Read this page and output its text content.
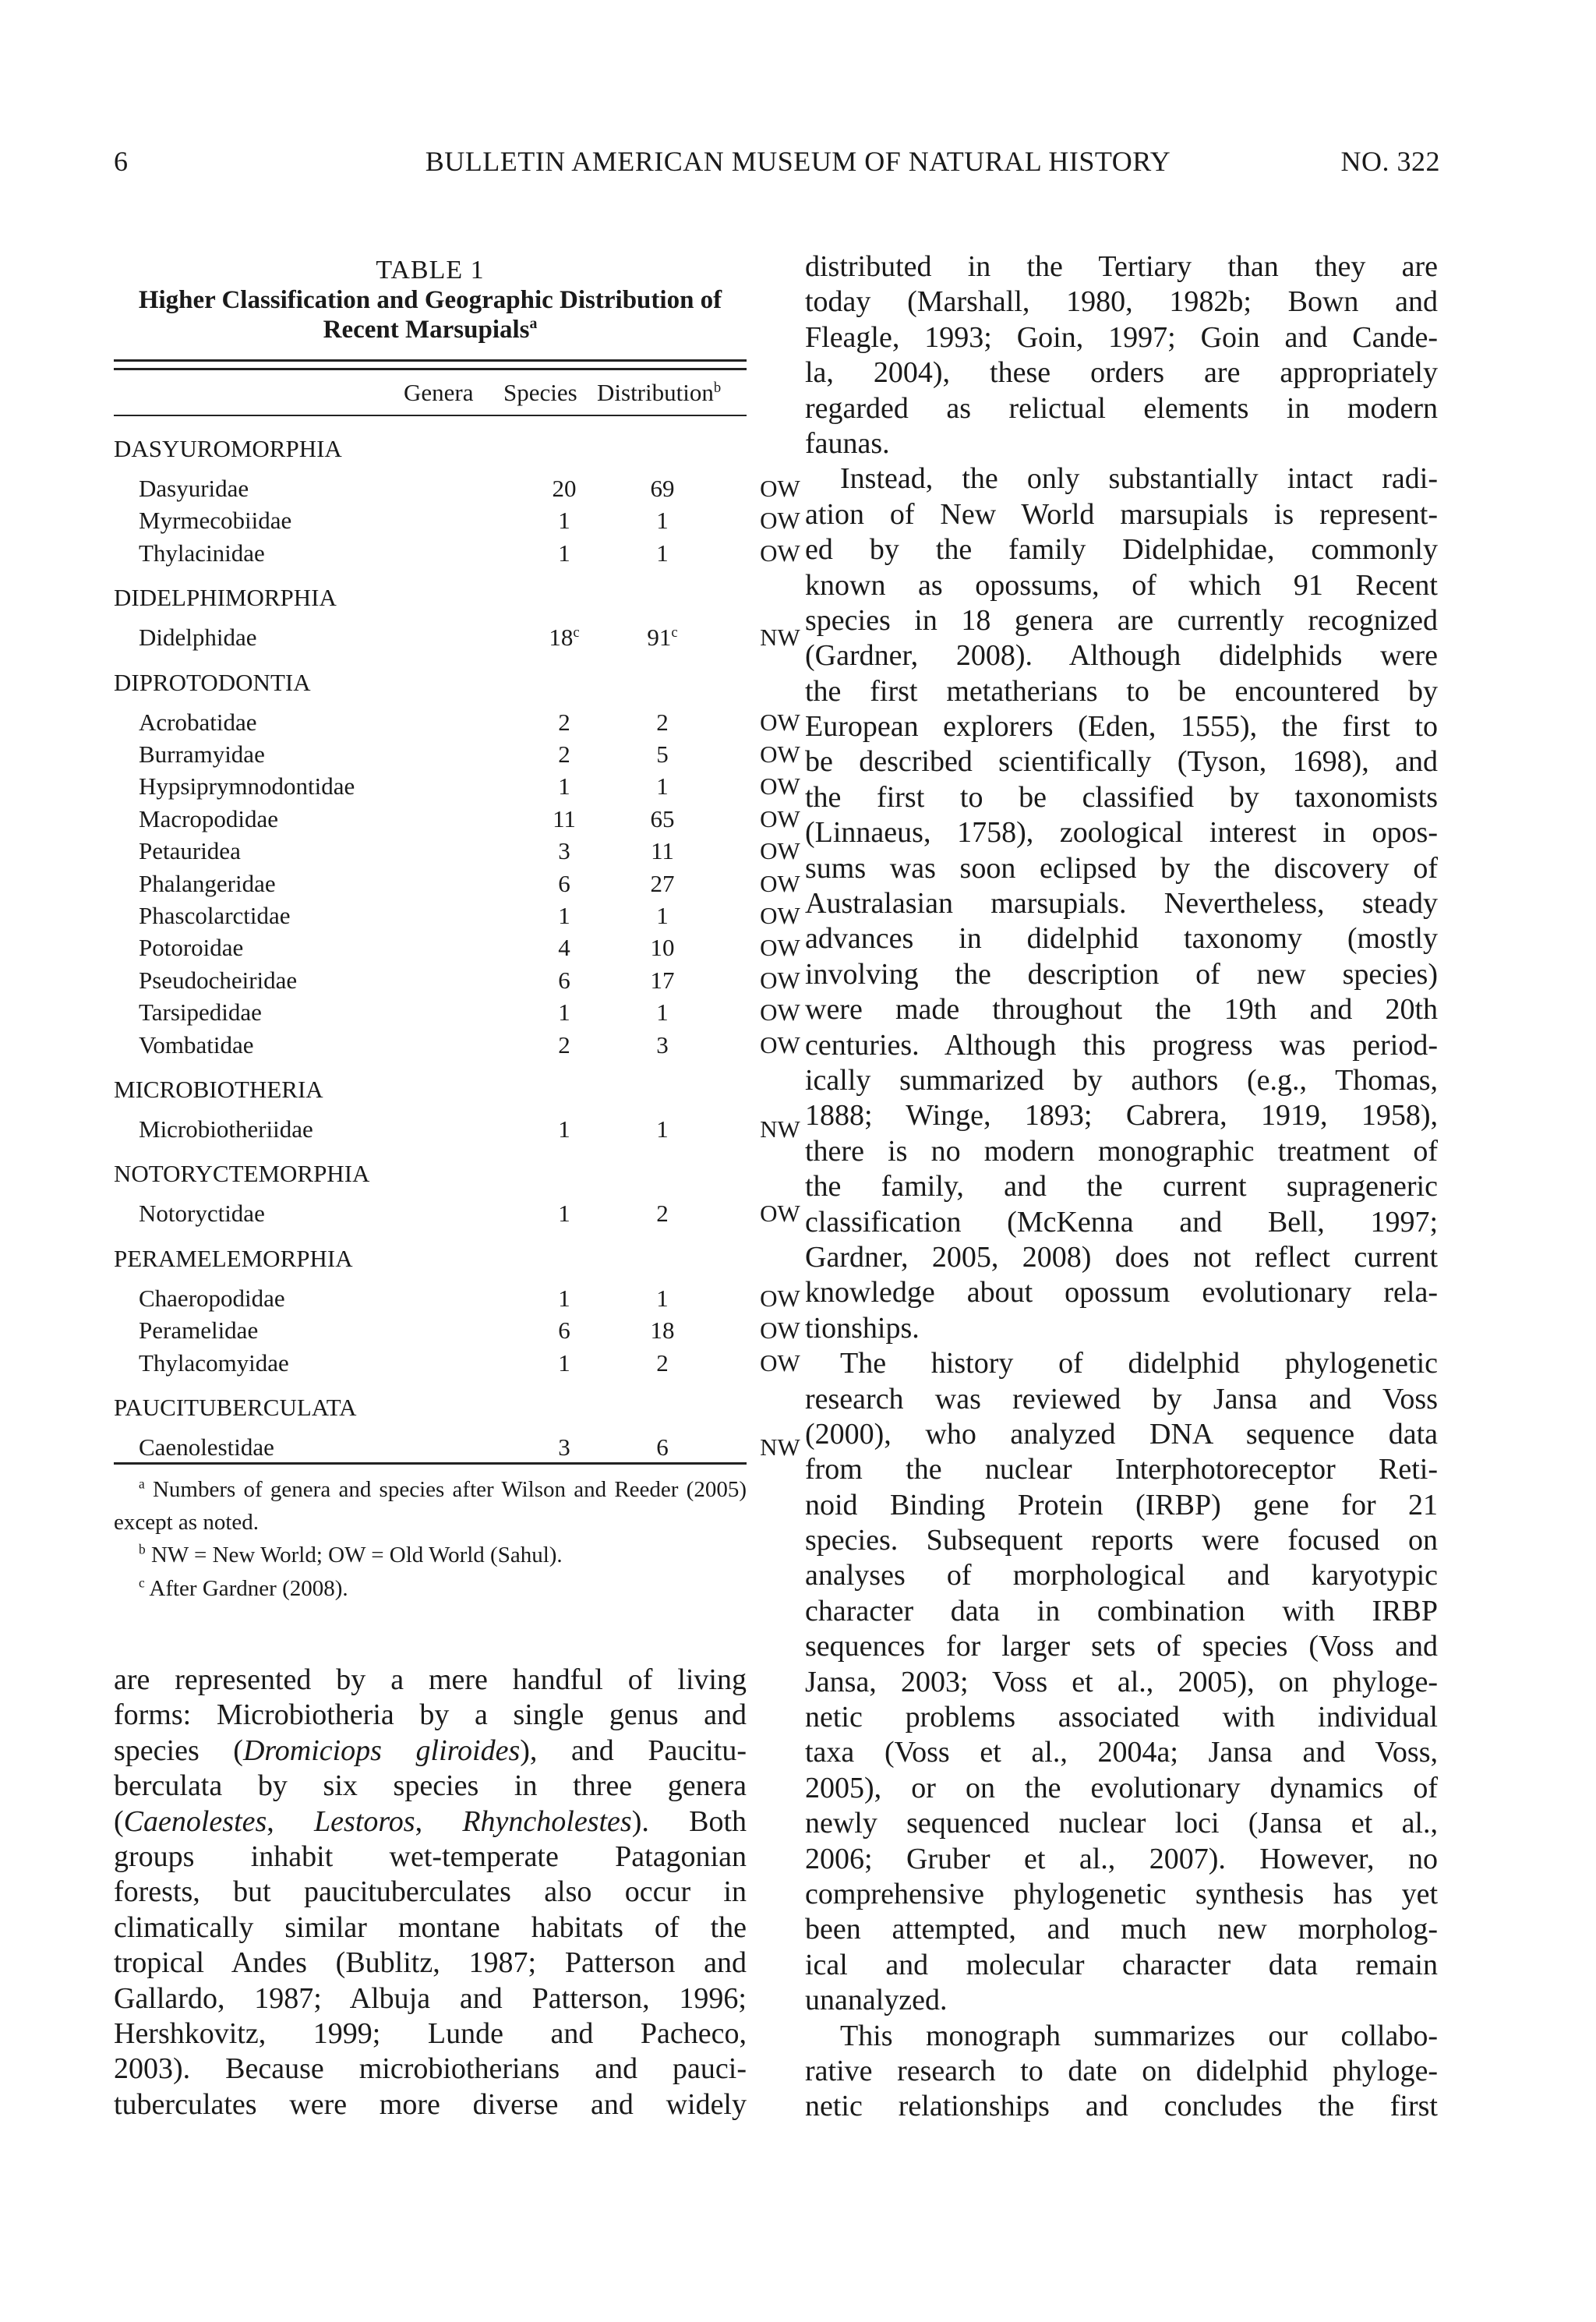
6	BULLETIN AMERICAN MUSEUM OF NATURAL HISTORY	NO. 322
TABLE 1
Higher Classification and Geographic Distribution of Recent Marsupials$^a$
Genera Species Distribution$^b$
DASYUROMORPHIA
Dasyuridae	20	69	OW
Myrmecobiidae	1	1	OW
Thylacinidae	1	1	OW
DIDELPHIMORPHIA
Didelphidae	18$^c$	91$^c$	NW
DIPROTODONTIA
Acrobatidae	2	2	OW
Burramyidae	2	5	OW
Hypsiprymnodontidae	1	1	OW
Macropodidae	11	65	OW
Petauridea	3	11	OW
Phalangeridae	6	27	OW
Phascolarctidae	1	1	OW
Potoroidae	4	10	OW
Pseudocheiridae	6	17	OW
Tarsipedidae	1	1	OW
Vombatidae	2	3	OW
MICROBIOTHERIA
Microbiotheriidae	1	1	NW
NOTORYCTEMORPHIA
Notoryctidae	1	2	OW
PERAMELEMORPHIA
Chaeropodidae	1	1	OW
Peramelidae	6	18	OW
Thylacomyidae	1	2	OW
PAUCITUBERCULATA
Caenolestidae	3	6	NW
$^a$ Numbers of genera and species after Wilson and Reeder (2005) except as noted.
$^b$ NW = New World; OW = Old World (Sahul).
$^c$ After Gardner (2008).
are represented by a mere handful of living
forms: Microbiotheria by a single genus and
species (Dromiciops gliroides), and Paucitu-
berculata by six species in three genera
(Caenolestes, Lestoros, Rhyncholestes). Both
groups inhabit wet-temperate Patagonian
forests, but paucituberculates also occur in
climatically similar montane habitats of the
tropical Andes (Bublitz, 1987; Patterson and
Gallardo, 1987; Albuja and Patterson, 1996;
Hershkovitz, 1999; Lunde and Pacheco,
2003). Because microbiotherians and pauci-
tuberculates were more diverse and widely
distributed in the Tertiary than they are
today (Marshall, 1980, 1982b; Bown and
Fleagle, 1993; Goin, 1997; Goin and Cande-
la, 2004), these orders are appropriately
regarded as relictual elements in modern
faunas.
Instead, the only substantially intact radi-
ation of New World marsupials is represent-
ed by the family Didelphidae, commonly
known as opossums, of which 91 Recent
species in 18 genera are currently recognized
(Gardner, 2008). Although didelphids were
the first metatherians to be encountered by
European explorers (Eden, 1555), the first to
be described scientifically (Tyson, 1698), and
the first to be classified by taxonomists
(Linnaeus, 1758), zoological interest in opos-
sums was soon eclipsed by the discovery of
Australasian marsupials. Nevertheless, steady
advances in didelphid taxonomy (mostly
involving the description of new species)
were made throughout the 19th and 20th
centuries. Although this progress was period-
ically summarized by authors (e.g., Thomas,
1888; Winge, 1893; Cabrera, 1919, 1958),
there is no modern monographic treatment of
the family, and the current suprageneric
classification (McKenna and Bell, 1997;
Gardner, 2005, 2008) does not reflect current
knowledge about opossum evolutionary rela-
tionships.
The history of didelphid phylogenetic
research was reviewed by Jansa and Voss
(2000), who analyzed DNA sequence data
from the nuclear Interphotoreceptor Reti-
noid Binding Protein (IRBP) gene for 21
species. Subsequent reports were focused on
analyses of morphological and karyotypic
character data in combination with IRBP
sequences for larger sets of species (Voss and
Jansa, 2003; Voss et al., 2005), on phyloge-
netic problems associated with individual
taxa (Voss et al., 2004a; Jansa and Voss,
2005), or on the evolutionary dynamics of
newly sequenced nuclear loci (Jansa et al.,
2006; Gruber et al., 2007). However, no
comprehensive phylogenetic synthesis has yet
been attempted, and much new morpholog-
ical and molecular character data remain
unanalyzed.
This monograph summarizes our collabo-
rative research to date on didelphid phyloge-
netic relationships and concludes the first
